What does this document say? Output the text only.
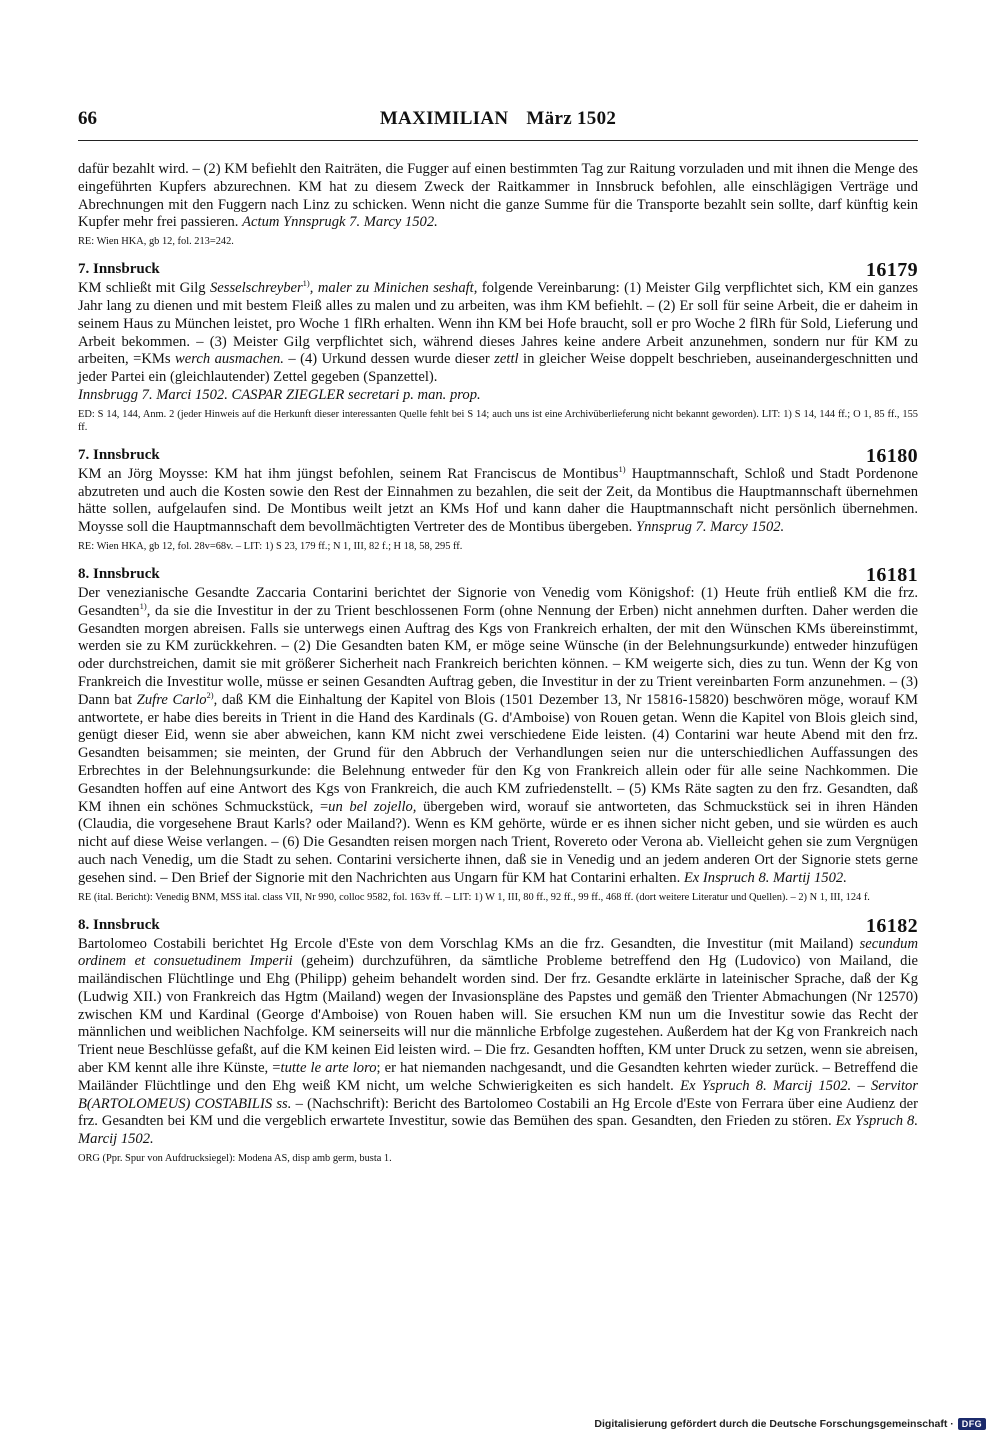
66	MAXIMILIAN März 1502

dafür bezahlt wird. – (2) KM befiehlt den Raiträten, die Fugger auf einen bestimmten Tag zur Raitung vorzuladen und mit ihnen die Menge des eingeführten Kupfers abzurechnen. KM hat zu diesem Zweck der Raitkammer in Innsbruck befohlen, alle einschlägigen Verträge und Abrechnungen mit den Fuggern nach Linz zu schicken. Wenn nicht die ganze Summe für die Transporte bezahlt sein sollte, darf künftig kein Kupfer mehr frei passieren. Actum Ynnsprugk 7. Marcy 1502.

RE: Wien HKA, gb 12, fol. 213=242.

7. Innsbruck	16179

KM schließt mit Gilg Sesselschreyber$^{1)}$, maler zu Minichen seshaft, folgende Vereinbarung: (1) Meister Gilg verpflichtet sich, KM ein ganzes Jahr lang zu dienen und mit bestem Fleiß alles zu malen und zu arbeiten, was ihm KM befiehlt. – (2) Er soll für seine Arbeit, die er daheim in seinem Haus zu München leistet, pro Woche 1 flRh erhalten. Wenn ihn KM bei Hofe braucht, soll er pro Woche 2 flRh für Sold, Lieferung und Arbeit bekommen. – (3) Meister Gilg verpflichtet sich, während dieses Jahres keine andere Arbeit anzunehmen, sondern nur für KM zu arbeiten, =KMs werch ausmachen. – (4) Urkund dessen wurde dieser zettl in gleicher Weise doppelt beschrieben, auseinandergeschnitten und jeder Partei ein (gleichlautender) Zettel gegeben (Spanzettel).
Innsbrugg 7. Marci 1502. CASPAR ZIEGLER secretari p. man. prop.

ED: S 14, 144, Anm. 2 (jeder Hinweis auf die Herkunft dieser interessanten Quelle fehlt bei S 14; auch uns ist eine Archivüberlieferung nicht bekannt geworden). LIT: 1) S 14, 144 ff.; O 1, 85 ff., 155 ff.

7. Innsbruck	16180

KM an Jörg Moysse: KM hat ihm jüngst befohlen, seinem Rat Franciscus de Montibus$^{1)}$ Hauptmannschaft, Schloß und Stadt Pordenone abzutreten und auch die Kosten sowie den Rest der Einnahmen zu bezahlen, die seit der Zeit, da Montibus die Hauptmannschaft übernehmen hätte sollen, aufgelaufen sind. De Montibus weilt jetzt an KMs Hof und kann daher die Hauptmannschaft nicht persönlich übernehmen. Moysse soll die Hauptmannschaft dem bevollmächtigten Vertreter des de Montibus übergeben. Ynnsprug 7. Marcy 1502.

RE: Wien HKA, gb 12, fol. 28v=68v. – LIT: 1) S 23, 179 ff.; N 1, III, 82 f.; H 18, 58, 295 ff.

8. Innsbruck	16181

Der venezianische Gesandte Zaccaria Contarini berichtet der Signorie von Venedig vom Königshof: (1) Heute früh entließ KM die frz. Gesandten$^{1)}$, da sie die Investitur in der zu Trient beschlossenen Form (ohne Nennung der Erben) nicht annehmen durften. Daher werden die Gesandten morgen abreisen. Falls sie unterwegs einen Auftrag des Kgs von Frankreich erhalten, der mit den Wünschen KMs übereinstimmt, werden sie zu KM zurückkehren. – (2) Die Gesandten baten KM, er möge seine Wünsche (in der Belehnungsurkunde) entweder hinzufügen oder durchstreichen, damit sie mit größerer Sicherheit nach Frankreich berichten können. – KM weigerte sich, dies zu tun. Wenn der Kg von Frankreich die Investitur wolle, müsse er seinen Gesandten Auftrag geben, die Investitur in der zu Trient vereinbarten Form anzunehmen. – (3) Dann bat Zufre Carlo$^{2)}$, daß KM die Einhaltung der Kapitel von Blois (1501 Dezember 13, Nr 15816-15820) beschwören möge, worauf KM antwortete, er habe dies bereits in Trient in die Hand des Kardinals (G. d'Amboise) von Rouen getan. Wenn die Kapitel von Blois gleich sind, genügt dieser Eid, wenn sie aber abweichen, kann KM nicht zwei verschiedene Eide leisten. (4) Contarini war heute Abend mit den frz. Gesandten beisammen; sie meinten, der Grund für den Abbruch der Verhandlungen seien nur die unterschiedlichen Auffassungen des Erbrechtes in der Belehnungsurkunde: die Belehnung entweder für den Kg von Frankreich allein oder für alle seine Nachkommen. Die Gesandten hoffen auf eine Antwort des Kgs von Frankreich, die auch KM zufriedenstellt. – (5) KMs Räte sagten zu den frz. Gesandten, daß KM ihnen ein schönes Schmuckstück, =un bel zojello, übergeben wird, worauf sie antworteten, das Schmuckstück sei in ihren Händen (Claudia, die vorgesehene Braut Karls? oder Mailand?). Wenn es KM gehörte, würde er es ihnen sicher nicht geben, und sie würden es auch nicht auf diese Weise verlangen. – (6) Die Gesandten reisen morgen nach Trient, Rovereto oder Verona ab. Vielleicht gehen sie zum Vergnügen auch nach Venedig, um die Stadt zu sehen. Contarini versicherte ihnen, daß sie in Venedig und an jedem anderen Ort der Signorie stets gerne gesehen sind. – Den Brief der Signorie mit den Nachrichten aus Ungarn für KM hat Contarini erhalten. Ex Inspruch 8. Martij 1502.

RE (ital. Bericht): Venedig BNM, MSS ital. class VII, Nr 990, colloc 9582, fol. 163v ff. – LIT: 1) W 1, III, 80 ff., 92 ff., 99 ff., 468 ff. (dort weitere Literatur und Quellen). – 2) N 1, III, 124 f.

8. Innsbruck	16182

Bartolomeo Costabili berichtet Hg Ercole d'Este von dem Vorschlag KMs an die frz. Gesandten, die Investitur (mit Mailand) secundum ordinem et consuetudinem Imperii (geheim) durchzuführen, da sämtliche Probleme betreffend den Hg (Ludovico) von Mailand, die mailändischen Flüchtlinge und Ehg (Philipp) geheim behandelt worden sind. Der frz. Gesandte erklärte in lateinischer Sprache, daß der Kg (Ludwig XII.) von Frankreich das Hgtm (Mailand) wegen der Invasionspläne des Papstes und gemäß den Trienter Abmachungen (Nr 12570) zwischen KM und Kardinal (George d'Amboise) von Rouen haben will. Sie ersuchen KM nun um die Investitur sowie das Recht der männlichen und weiblichen Nachfolge. KM seinerseits will nur die männliche Erbfolge zugestehen. Außerdem hat der Kg von Frankreich nach Trient neue Beschlüsse gefaßt, auf die KM keinen Eid leisten wird. – Die frz. Gesandten hofften, KM unter Druck zu setzen, wenn sie abreisen, aber KM kennt alle ihre Künste, =tutte le arte loro; er hat niemanden nachgesandt, und die Gesandten kehrten wieder zurück. – Betreffend die Mailänder Flüchtlinge und den Ehg weiß KM nicht, um welche Schwierigkeiten es sich handelt. Ex Yspruch 8. Marcij 1502. – Servitor B(ARTOLOMEUS) COSTABILIS ss. – (Nachschrift): Bericht des Bartolomeo Costabili an Hg Ercole d'Este von Ferrara über eine Audienz der frz. Gesandten bei KM und die vergeblich erwartete Investitur, sowie das Bemühen des span. Gesandten, den Frieden zu stören. Ex Yspruch 8. Marcij 1502.

ORG (Ppr. Spur von Aufdrucksiegel): Modena AS, disp amb germ, busta 1.

Digitalisierung gefördert durch die Deutsche Forschungsgemeinschaft · DFG
